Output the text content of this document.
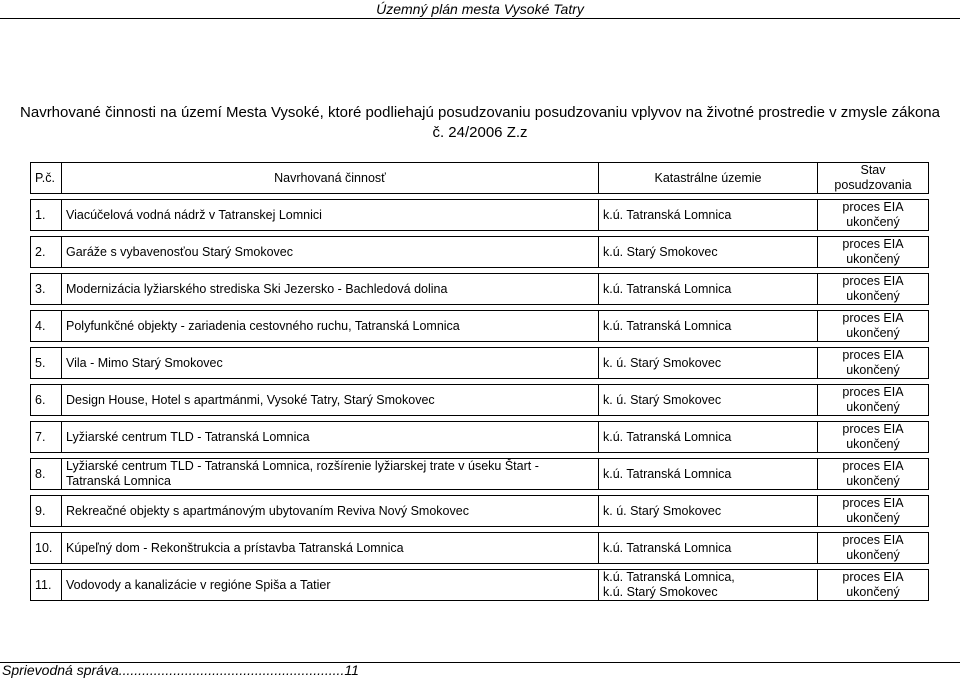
Územný plán mesta Vysoké Tatry
Navrhované činnosti na území Mesta Vysoké, ktoré podliehajú posudzovaniu posudzovaniu vplyvov na životné prostredie v zmysle zákona č. 24/2006 Z.z
P.č.	Navrhovaná činnosť	Katastrálne územie	Stav posudzovania

1.	Viacúčelová vodná nádrž v Tatranskej Lomnici	k.ú. Tatranská Lomnica	proces EIA ukončený

2.	Garáže s vybavenosťou Starý Smokovec	k.ú. Starý Smokovec	proces EIA ukončený

3.	Modernizácia lyžiarského strediska Ski Jezersko - Bachledová dolina	k.ú. Tatranská Lomnica	proces EIA ukončený

4.	Polyfunkčné objekty - zariadenia cestovného ruchu, Tatranská Lomnica	k.ú. Tatranská Lomnica	proces EIA ukončený

5.	Vila - Mimo Starý Smokovec	k. ú. Starý Smokovec	proces EIA ukončený

6.	Design House, Hotel s apartmánmi, Vysoké Tatry, Starý Smokovec	k. ú. Starý Smokovec	proces EIA ukončený

7.	Lyžiarské centrum TLD - Tatranská Lomnica	k.ú. Tatranská Lomnica	proces EIA ukončený

8.	Lyžiarské centrum TLD - Tatranská Lomnica, rozšírenie lyžiarskej trate v úseku Štart - Tatranská Lomnica	k.ú. Tatranská Lomnica	proces EIA ukončený

9.	Rekreačné objekty s apartmánovým ubytovaním Reviva Nový Smokovec	k. ú. Starý Smokovec	proces EIA ukončený

10.	Kúpeľný dom - Rekonštrukcia a prístavba Tatranská Lomnica	k.ú. Tatranská Lomnica	proces EIA ukončený

11.	Vodovody a kanalizácie v regióne Spiša a Tatier	k.ú. Tatranská Lomnica,
k.ú. Starý Smokovec	proces EIA ukončený
Sprievodná správa..........................................................11
